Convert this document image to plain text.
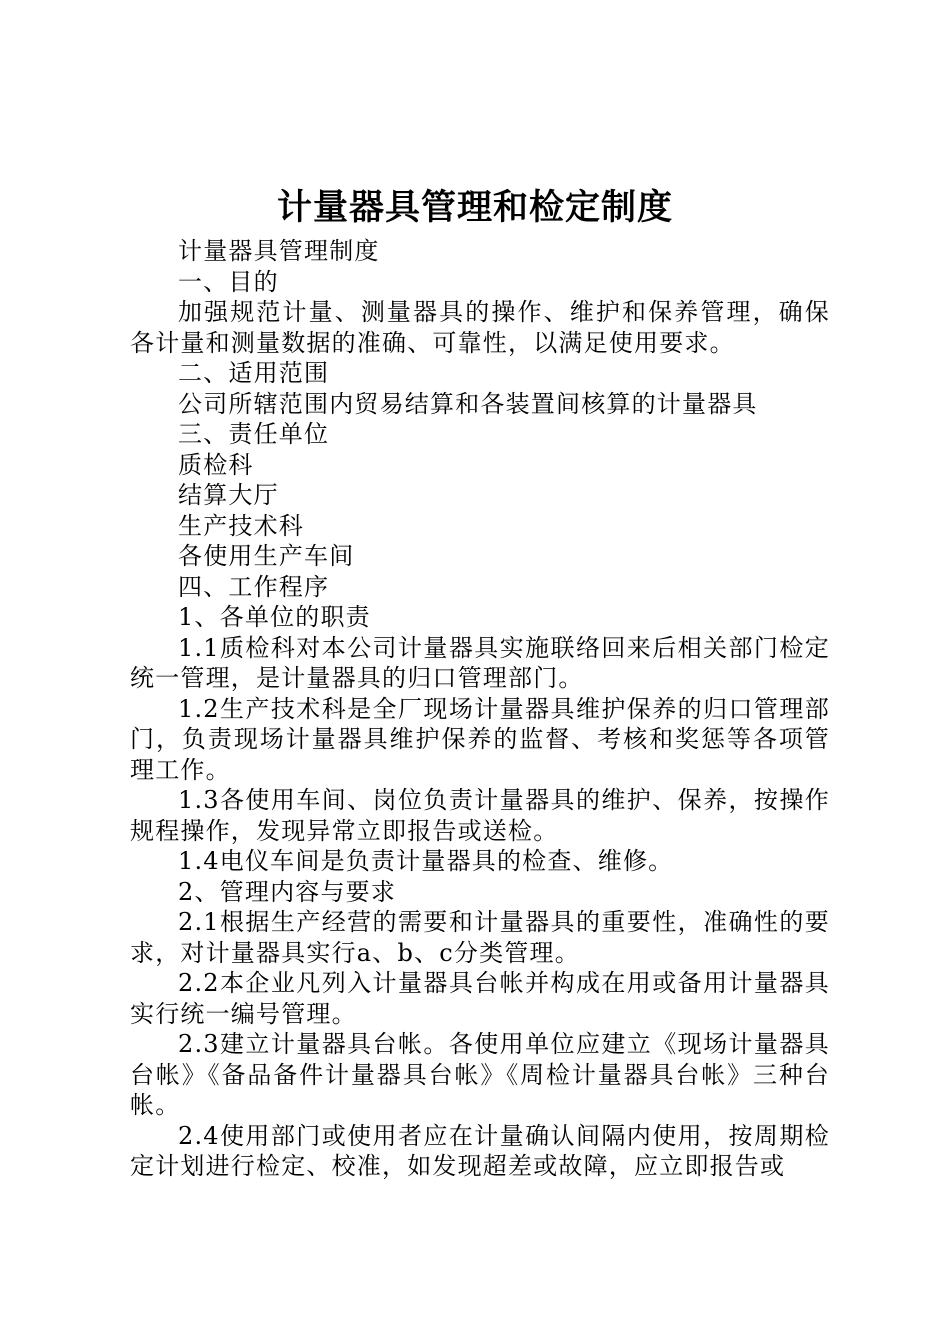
计量器具管理和检定制度

计量器具管理制度

一、目的

加强规范计量、测量器具的操作、维护和保养管理，确保各计量和测量数据的准确、可靠性，以满足使用要求。

二、适用范围

公司所辖范围内贸易结算和各装置间核算的计量器具

三、责任单位

质检科

结算大厅

生产技术科

各使用生产车间

四、工作程序

1、各单位的职责

1.1质检科对本公司计量器具实施联络回来后相关部门检定统一管理，是计量器具的归口管理部门。

1.2生产技术科是全厂现场计量器具维护保养的归口管理部门，负责现场计量器具维护保养的监督、考核和奖惩等各项管理工作。

1.3各使用车间、岗位负责计量器具的维护、保养，按操作规程操作，发现异常立即报告或送检。

1.4电仪车间是负责计量器具的检查、维修。

2、管理内容与要求

2.1根据生产经营的需要和计量器具的重要性，准确性的要求，对计量器具实行a、b、c分类管理。

2.2本企业凡列入计量器具台帐并构成在用或备用计量器具实行统一编号管理。

2.3建立计量器具台帐。各使用单位应建立《现场计量器具台帐》《备品备件计量器具台帐》《周检计量器具台帐》三种台帐。

2.4使用部门或使用者应在计量确认间隔内使用，按周期检定计划进行检定、校准，如发现超差或故障，应立即报告或
